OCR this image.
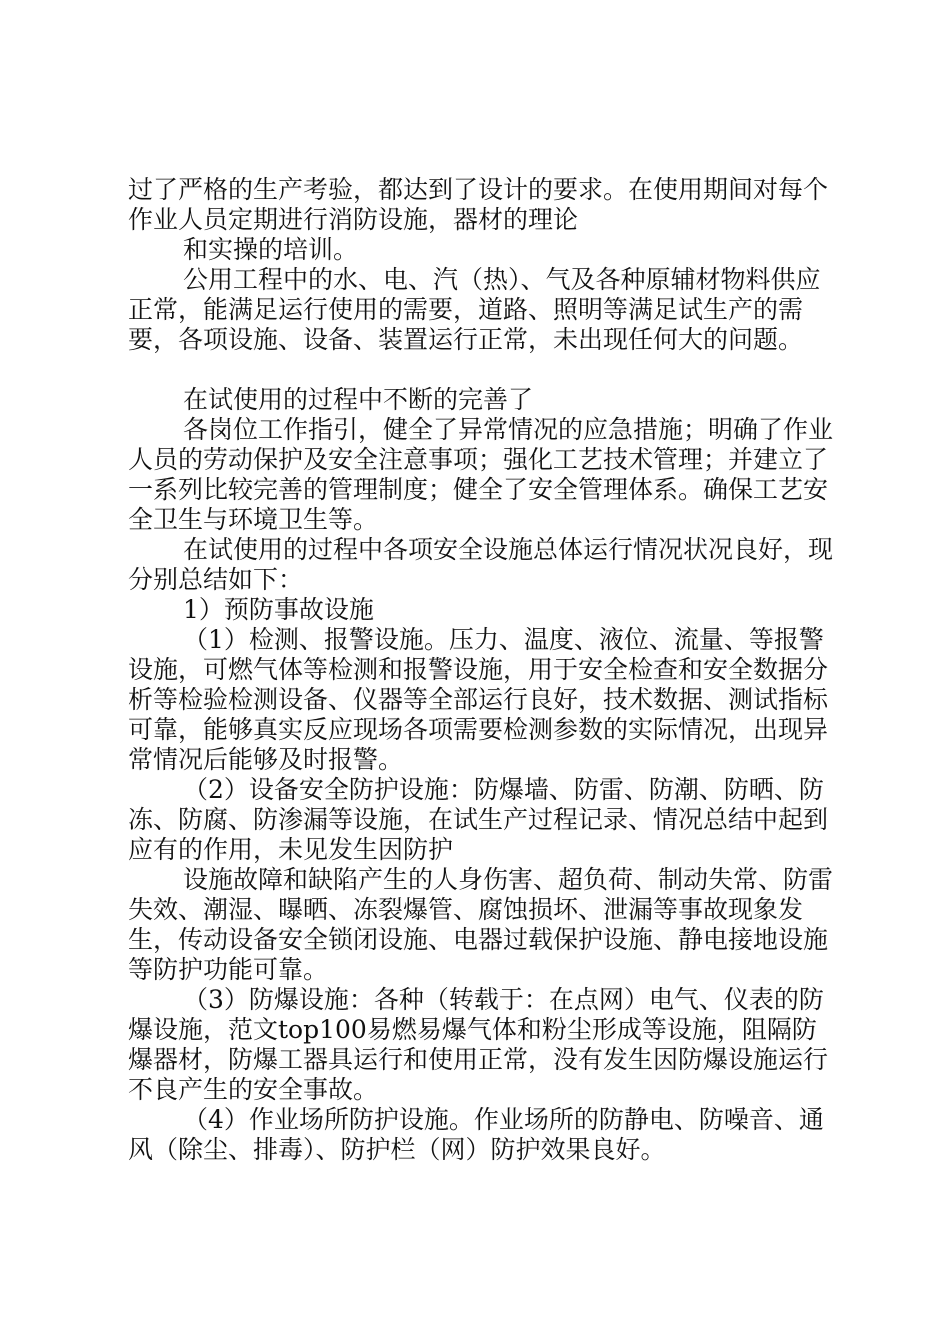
过了严格的生产考验，都达到了设计的要求。在使用期间对每个作业人员定期进行消防设施，器材的理论

和实操的培训。

公用工程中的水、电、汽（热）、气及各种原辅材物料供应正常，能满足运行使用的需要，道路、照明等满足试生产的需要，各项设施、设备、装置运行正常，未出现任何大的问题。

在试使用的过程中不断的完善了

各岗位工作指引，健全了异常情况的应急措施；明确了作业人员的劳动保护及安全注意事项；强化工艺技术管理；并建立了一系列比较完善的管理制度；健全了安全管理体系。确保工艺安全卫生与环境卫生等。

在试使用的过程中各项安全设施总体运行情况状况良好，现分别总结如下：

1）预防事故设施

（1）检测、报警设施。压力、温度、液位、流量、等报警设施，可燃气体等检测和报警设施，用于安全检查和安全数据分析等检验检测设备、仪器等全部运行良好，技术数据、测试指标可靠，能够真实反应现场各项需要检测参数的实际情况，出现异常情况后能够及时报警。

（2）设备安全防护设施：防爆墙、防雷、防潮、防晒、防冻、防腐、防渗漏等设施，在试生产过程记录、情况总结中起到应有的作用，未见发生因防护

设施故障和缺陷产生的人身伤害、超负荷、制动失常、防雷失效、潮湿、曝晒、冻裂爆管、腐蚀损坏、泄漏等事故现象发生，传动设备安全锁闭设施、电器过载保护设施、静电接地设施等防护功能可靠。

（3）防爆设施：各种（转载于：在点网）电气、仪表的防爆设施，范文top100易燃易爆气体和粉尘形成等设施，阻隔防爆器材，防爆工器具运行和使用正常，没有发生因防爆设施运行不良产生的安全事故。

（4）作业场所防护设施。作业场所的防静电、防噪音、通风（除尘、排毒）、防护栏（网）防护效果良好。
